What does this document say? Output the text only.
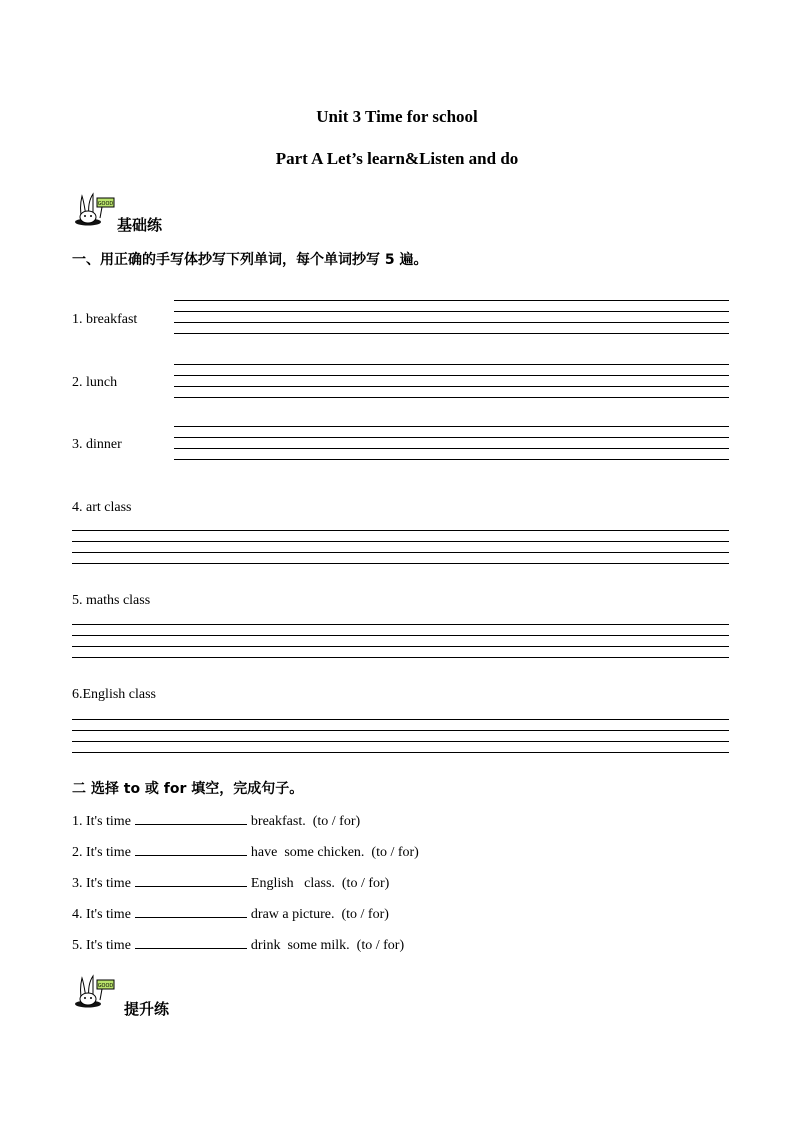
Unit 3 Time for school
Part A Let’s learn&Listen and do
GOOD
基础练
一、用正确的手写体抄写下列单词，每个单词抄写 5 遍。
1. breakfast
2. lunch
3. dinner
4. art class
5. maths class
6.English class
二 选择 to 或 for 填空，完成句子。
1. It's time	breakfast.  (to / for)
2. It's time	have  some chicken.  (to / for)
3. It's time	English   class.  (to / for)
4. It's time	draw a picture.  (to / for)
5. It's time	drink  some milk.  (to / for)
GOOD
提升练
